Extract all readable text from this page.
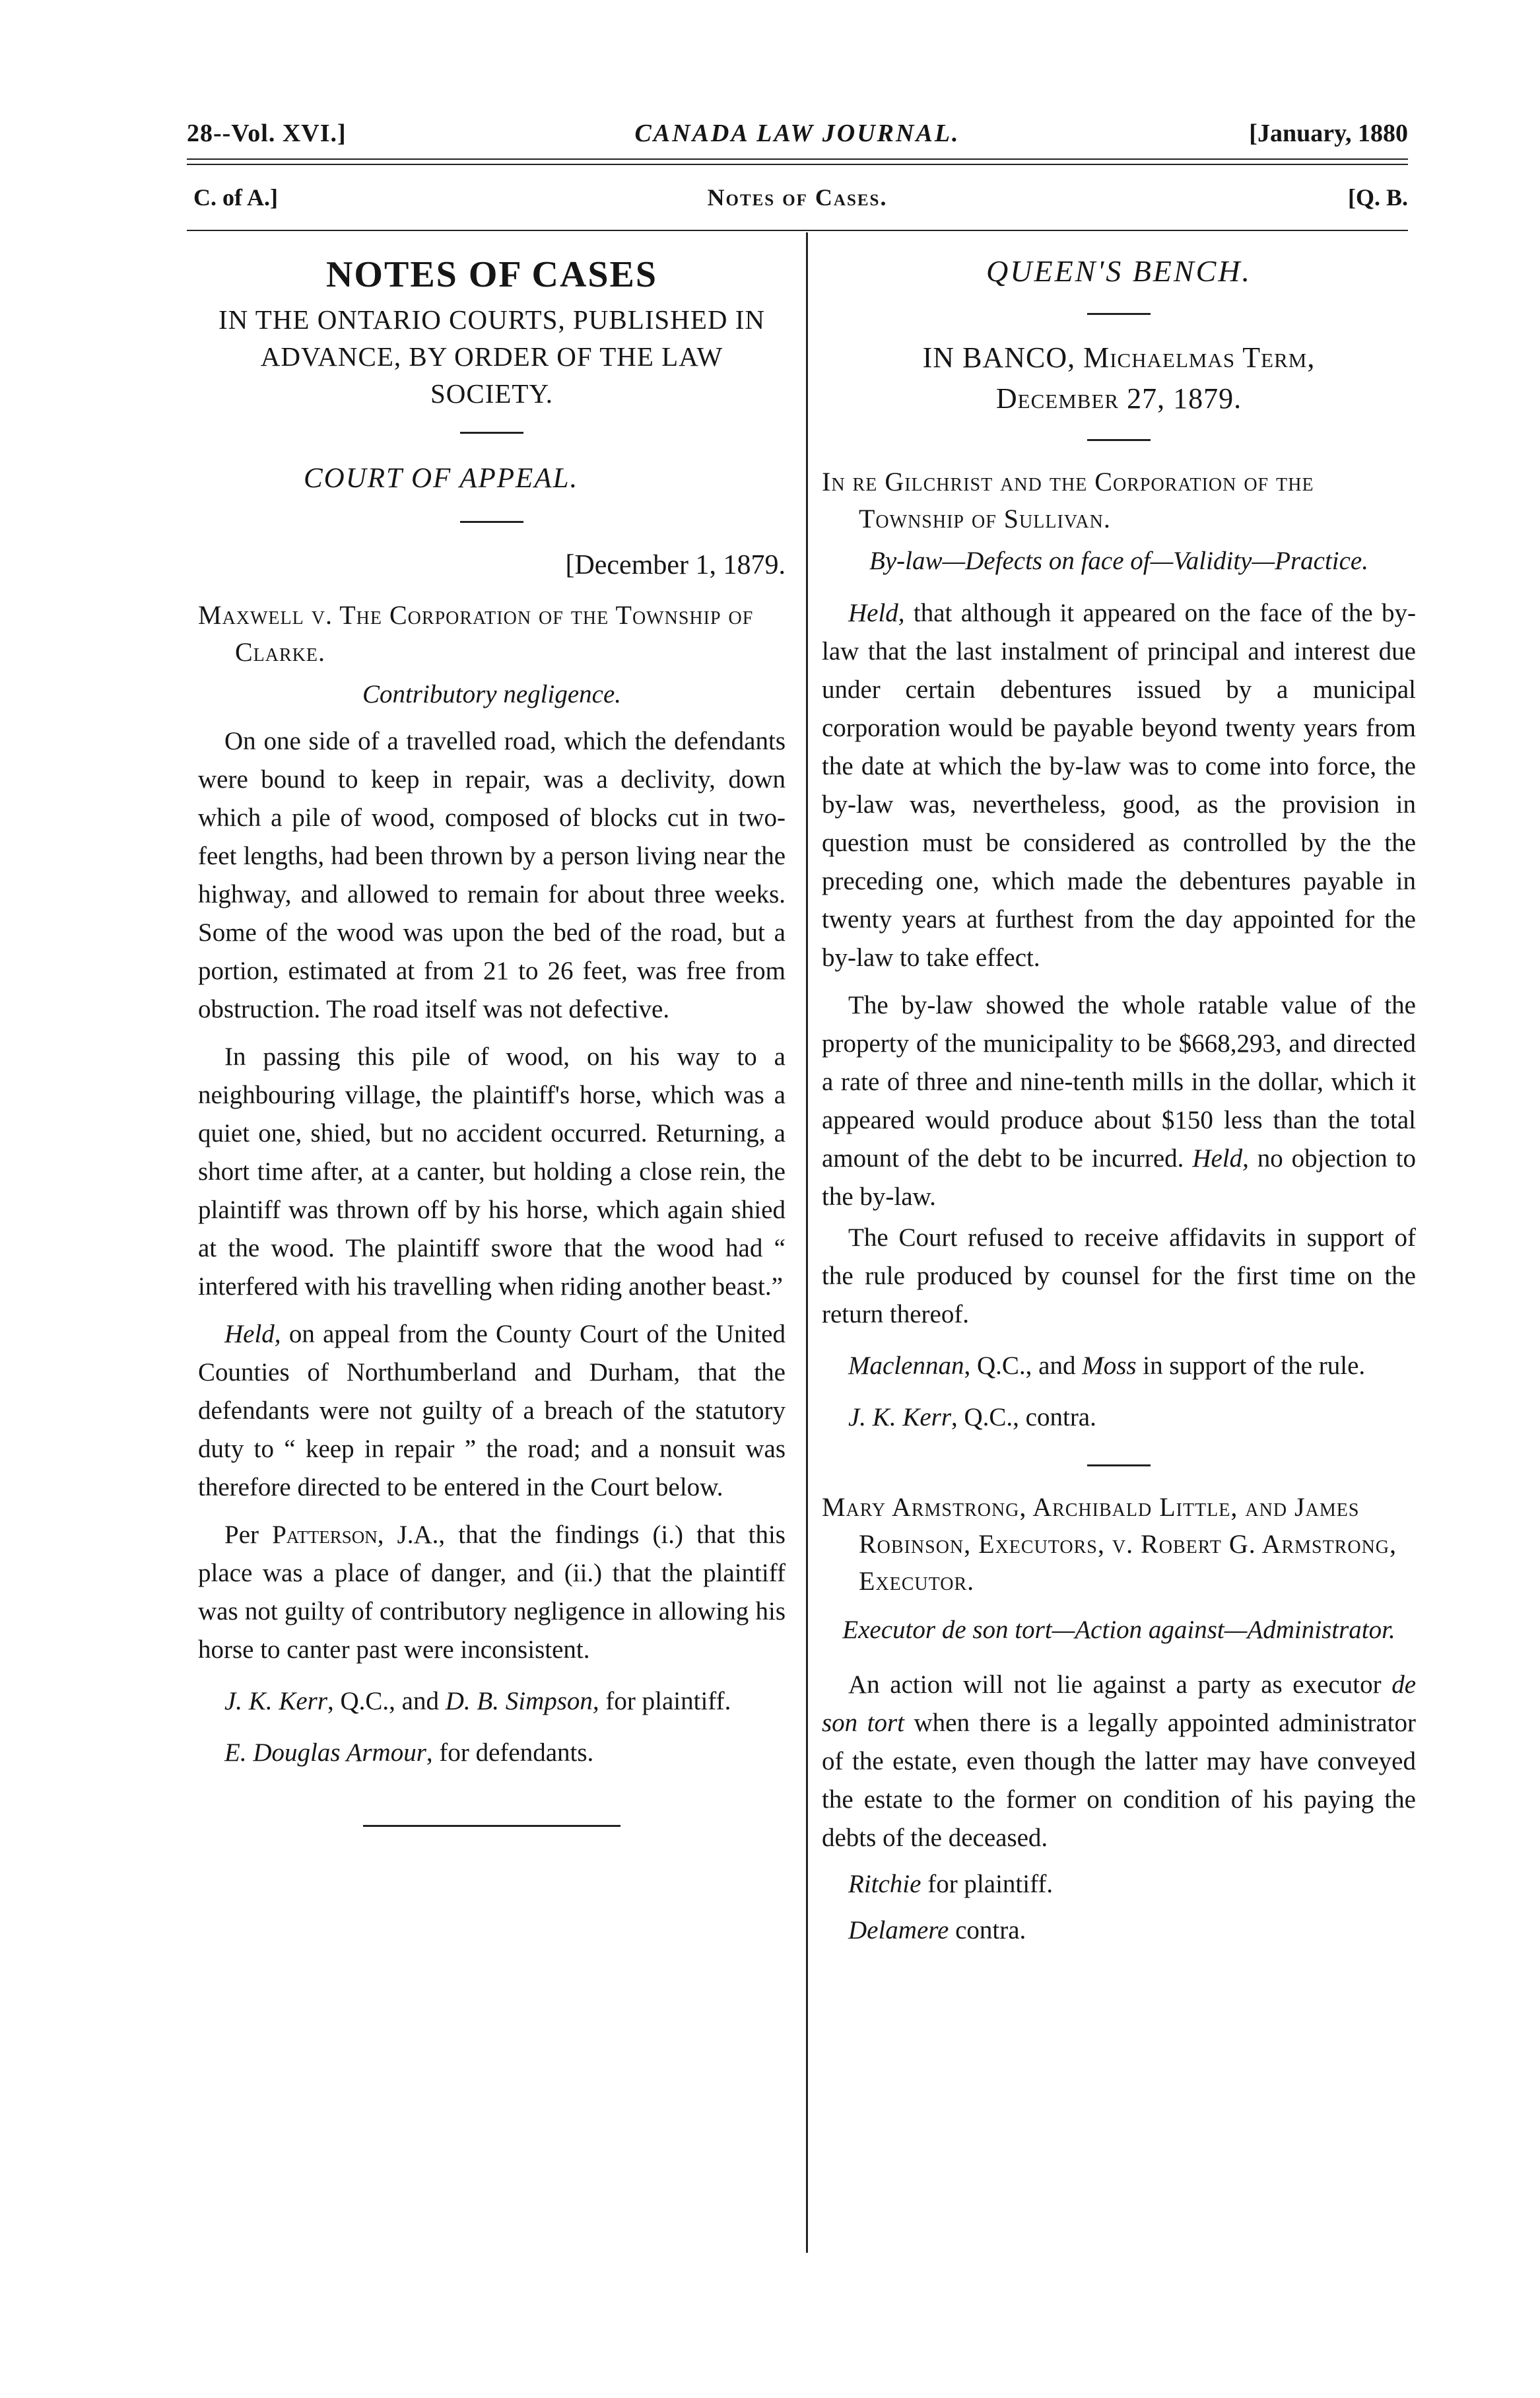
28--Vol. XVI.]	CANADA LAW JOURNAL.	[January, 1880
C. of A.]	Notes of Cases.	[Q. B.
NOTES OF CASES
IN THE ONTARIO COURTS, PUBLISHED IN ADVANCE, BY ORDER OF THE LAW SOCIETY.
COURT OF APPEAL.
[December 1, 1879.
Maxwell v. The Corporation of the Township of Clarke.
Contributory negligence.

On one side of a travelled road, which the defendants were bound to keep in repair, was a declivity, down which a pile of wood, composed of blocks cut in two-feet lengths, had been thrown by a person living near the highway, and allowed to remain for about three weeks. Some of the wood was upon the bed of the road, but a portion, estimated at from 21 to 26 feet, was free from obstruction. The road itself was not defective.

In passing this pile of wood, on his way to a neighbouring village, the plaintiff's horse, which was a quiet one, shied, but no accident occurred. Returning, a short time after, at a canter, but holding a close rein, the plaintiff was thrown off by his horse, which again shied at the wood. The plaintiff swore that the wood had “ interfered with his travelling when riding another beast.”

Held, on appeal from the County Court of the United Counties of Northumberland and Durham, that the defendants were not guilty of a breach of the statutory duty to “ keep in repair ” the road; and a nonsuit was therefore directed to be entered in the Court below.

Per Patterson, J.A., that the findings (i.) that this place was a place of danger, and (ii.) that the plaintiff was not guilty of contributory negligence in allowing his horse to canter past were inconsistent.

J. K. Kerr, Q.C., and D. B. Simpson, for plaintiff.

E. Douglas Armour, for defendants.

QUEEN'S BENCH.
IN BANCO, Michaelmas Term,
December 27, 1879.
In re Gilchrist and the Corporation of the Township of Sullivan.
By-law—Defects on face of—Validity—Practice.

Held, that although it appeared on the face of the by-law that the last instalment of principal and interest due under certain debentures issued by a municipal corporation would be payable beyond twenty years from the date at which the by-law was to come into force, the by-law was, nevertheless, good, as the provision in question must be considered as controlled by the the preceding one, which made the debentures payable in twenty years at furthest from the day appointed for the by-law to take effect.

The by-law showed the whole ratable value of the property of the municipality to be $668,293, and directed a rate of three and nine-tenth mills in the dollar, which it appeared would produce about $150 less than the total amount of the debt to be incurred. Held, no objection to the by-law.

The Court refused to receive affidavits in support of the rule produced by counsel for the first time on the return thereof.

Maclennan, Q.C., and Moss in support of the rule.

J. K. Kerr, Q.C., contra.

Mary Armstrong, Archibald Little, and James Robinson, Executors, v. Robert G. Armstrong, Executor.
Executor de son tort—Action against—Administrator.

An action will not lie against a party as executor de son tort when there is a legally appointed administrator of the estate, even though the latter may have conveyed the estate to the former on condition of his paying the debts of the deceased.

Ritchie for plaintiff.

Delamere contra.
